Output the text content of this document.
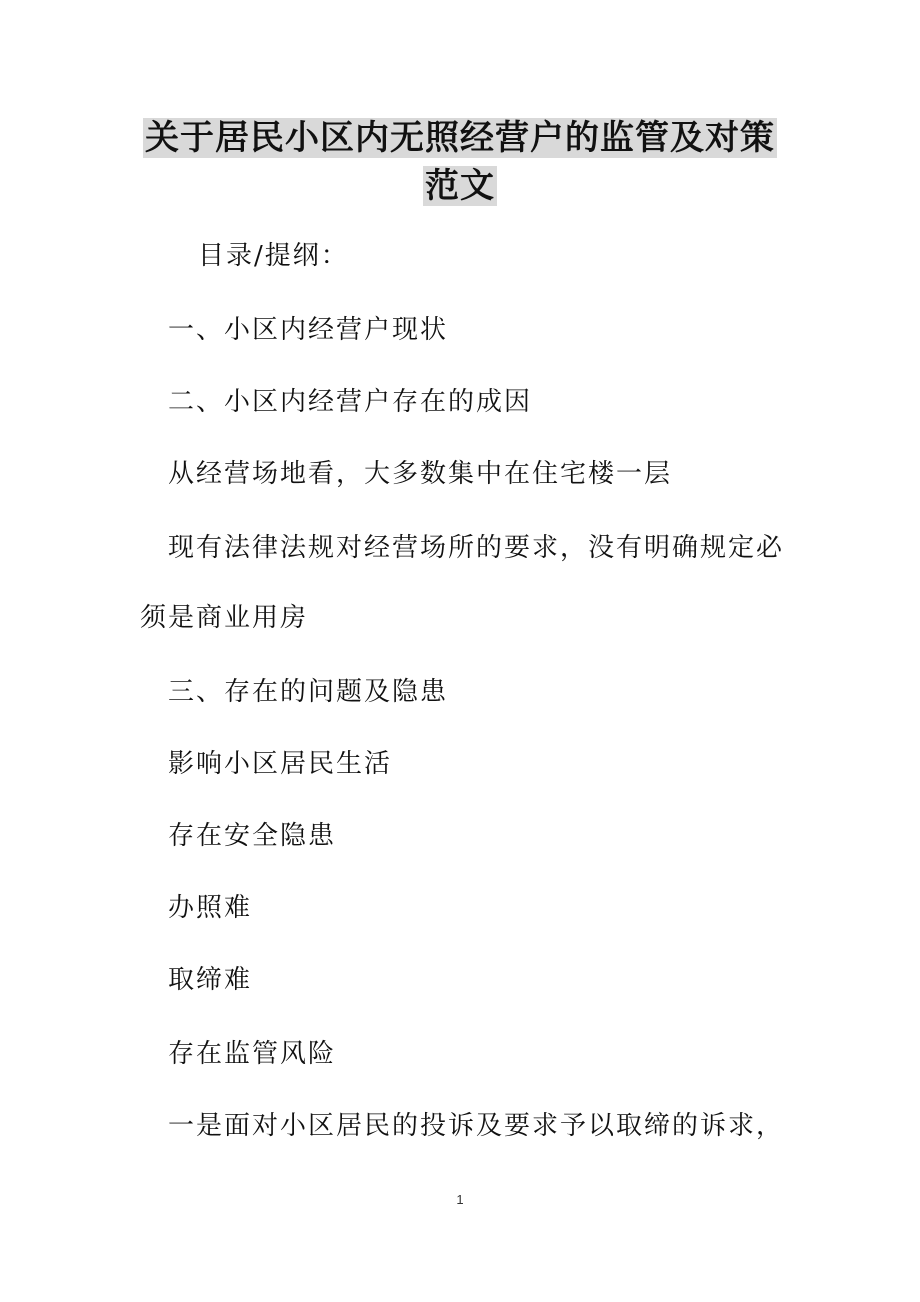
关于居民小区内无照经营户的监管及对策
范文
目录/提纲：
一、小区内经营户现状
二、小区内经营户存在的成因
从经营场地看，大多数集中在住宅楼一层
现有法律法规对经营场所的要求，没有明确规定必
须是商业用房
三、存在的问题及隐患
影响小区居民生活
存在安全隐患
办照难
取缔难
存在监管风险
一是面对小区居民的投诉及要求予以取缔的诉求，
1
